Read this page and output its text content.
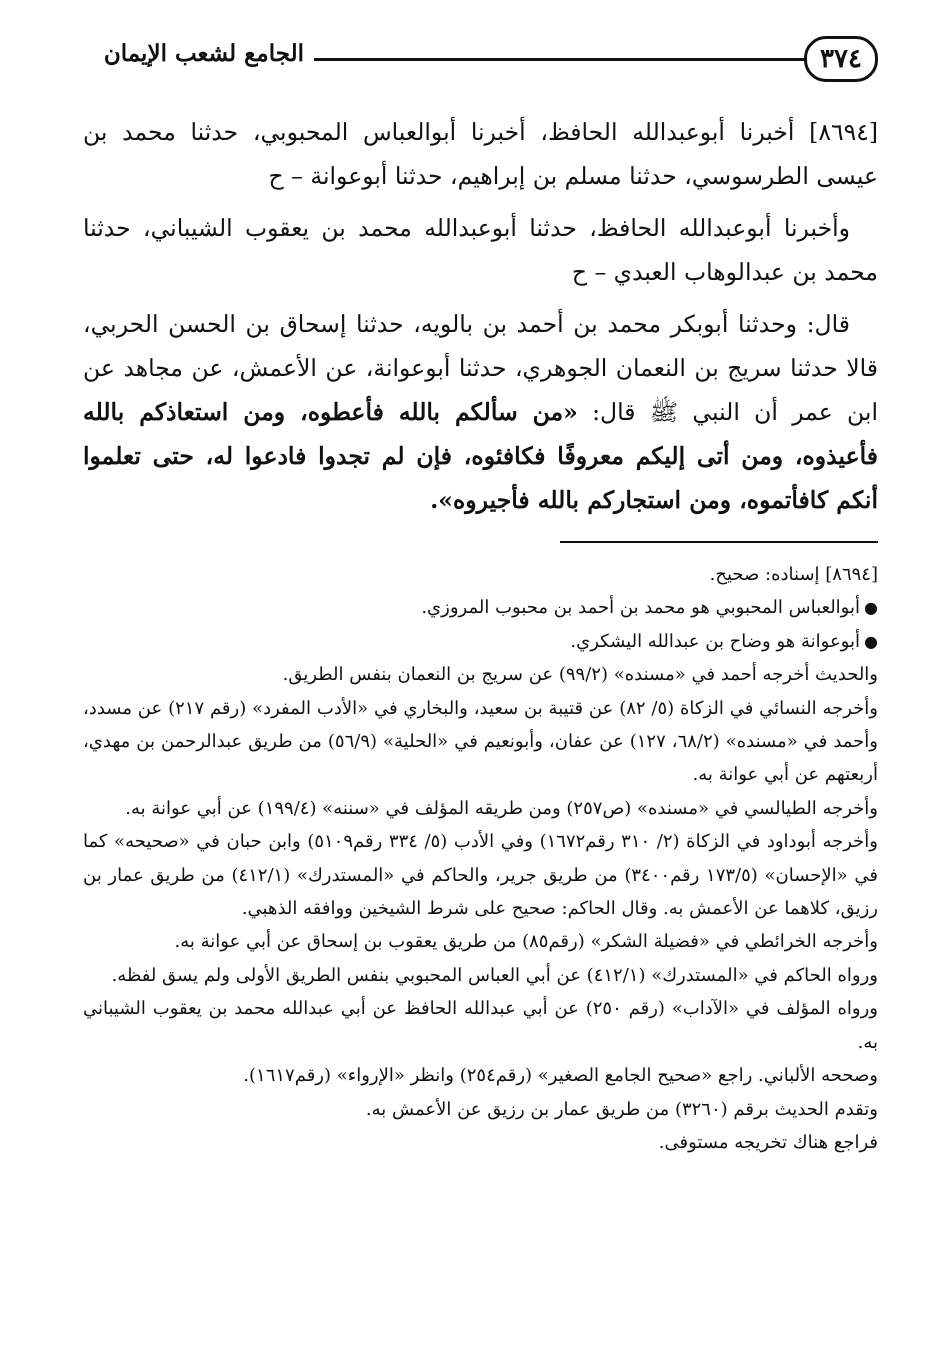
٣٧٤
الجامع لشعب الإيمان

[٨٦٩٤] أخبرنا أبوعبدالله الحافظ، أخبرنا أبوالعباس المحبوبي، حدثنا محمد بن عيسى الطرسوسي، حدثنا مسلم بن إبراهيم، حدثنا أبوعوانة – ح

وأخبرنا أبوعبدالله الحافظ، حدثنا أبوعبدالله محمد بن يعقوب الشيباني، حدثنا محمد بن عبدالوهاب العبدي – ح

قال: وحدثنا أبوبكر محمد بن أحمد بن بالويه، حدثنا إسحاق بن الحسن الحربي، قالا حدثنا سريج بن النعمان الجوهري، حدثنا أبوعوانة، عن الأعمش، عن مجاهد عن ابن عمر أن النبي ﷺ قال: «من سألكم بالله فأعطوه، ومن استعاذكم بالله فأعيذوه، ومن أتى إليكم معروفًا فكافئوه، فإن لم تجدوا فادعوا له، حتى تعلموا أنكم كافأتموه، ومن استجاركم بالله فأجيروه».

[٨٦٩٤] إسناده: صحيح.

●
أبوالعباس المحبوبي هو محمد بن أحمد بن محبوب المروزي.
●
أبوعوانة هو وضاح بن عبدالله اليشكري.

والحديث أخرجه أحمد في «مسنده» (٩٩/٢) عن سريج بن النعمان بنفس الطريق.

وأخرجه النسائي في الزكاة (٥/ ٨٢) عن قتيبة بن سعيد، والبخاري في «الأدب المفرد» (رقم ٢١٧) عن مسدد، وأحمد في «مسنده» (٦٨/٢، ١٢٧) عن عفان، وأبونعيم في «الحلية» (٥٦/٩) من طريق عبدالرحمن بن مهدي، أربعتهم عن أبي عوانة به.

وأخرجه الطيالسي في «مسنده» (ص٢٥٧) ومن طريقه المؤلف في «سننه» (١٩٩/٤) عن أبي عوانة به.

وأخرجه أبوداود في الزكاة (٢/ ٣١٠ رقم١٦٧٢) وفي الأدب (٥/ ٣٣٤ رقم٥١٠٩) وابن حبان في «صحيحه» كما في «الإحسان» (١٧٣/٥ رقم٣٤٠٠) من طريق جرير، والحاكم في «المستدرك» (٤١٢/١) من طريق عمار بن رزيق، كلاهما عن الأعمش به. وقال الحاكم: صحيح على شرط الشيخين ووافقه الذهبي.

وأخرجه الخرائطي في «فضيلة الشكر» (رقم٨٥) من طريق يعقوب بن إسحاق عن أبي عوانة به.

ورواه الحاكم في «المستدرك» (٤١٢/١) عن أبي العباس المحبوبي بنفس الطريق الأولى ولم يسق لفظه.

ورواه المؤلف في «الآداب» (رقم ٢٥٠) عن أبي عبدالله الحافظ عن أبي عبدالله محمد بن يعقوب الشيباني به.

وصححه الألباني. راجع «صحيح الجامع الصغير» (رقم٢٥٤) وانظر «الإرواء» (رقم١٦١٧).

وتقدم الحديث برقم (٣٢٦٠) من طريق عمار بن رزيق عن الأعمش به.

فراجع هناك تخريجه مستوفى.
